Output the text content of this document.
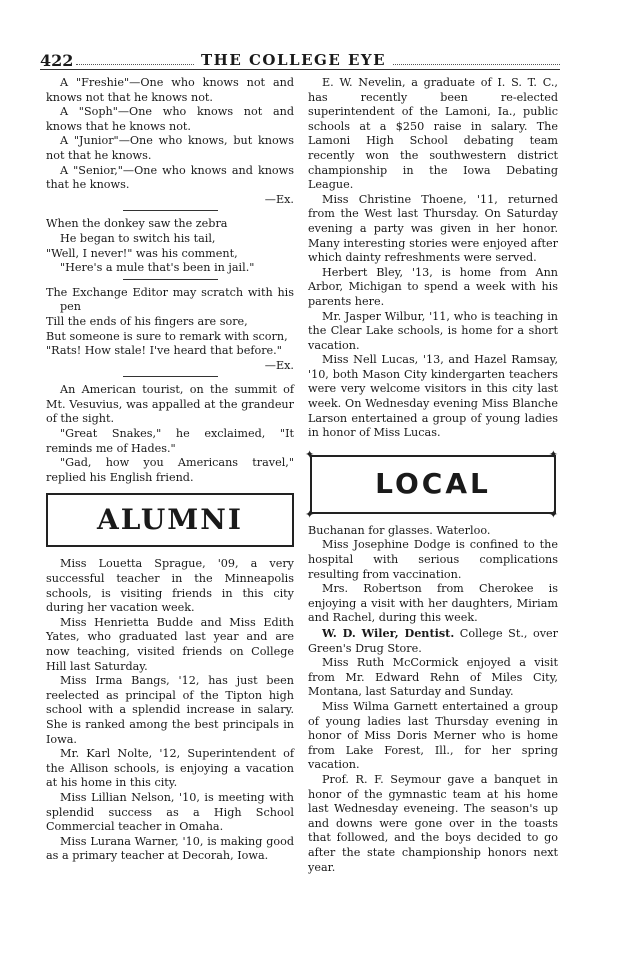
422	THE COLLEGE EYE

A "Freshie"—One who knows not and knows not that he knows not.

A "Soph"—One who knows not and knows that he knows not.

A "Junior"—One who knows, but knows not that he knows.

A "Senior,"—One who knows and knows that he knows.

—Ex.

When the donkey saw the zebra

He began to switch his tail,

"Well, I never!" was his comment,

"Here's a mule that's been in jail."

The Exchange Editor may scratch with his pen

Till the ends of his fingers are sore,

But someone is sure to remark with scorn,

"Rats! How stale! I've heard that before."

—Ex.

An American tourist, on the summit of Mt. Vesuvius, was appalled at the grandeur of the sight.

"Great Snakes," he exclaimed, "It reminds me of Hades."

"Gad, how you Americans travel," replied his English friend.

ALUMNI

Miss Louetta Sprague, '09, a very successful teacher in the Minneapolis schools, is visiting friends in this city during her vacation week.

Miss Henrietta Budde and Miss Edith Yates, who graduated last year and are now teaching, visited friends on College Hill last Saturday.

Miss Irma Bangs, '12, has just been reelected as principal of the Tipton high school with a splendid increase in salary. She is ranked among the best principals in Iowa.

Mr. Karl Nolte, '12, Superintendent of the Allison schools, is enjoying a vacation at his home in this city.

Miss Lillian Nelson, '10, is meeting with splendid success as a High School Commercial teacher in Omaha.

Miss Lurana Warner, '10, is making good as a primary teacher at Decorah, Iowa.

E. W. Nevelin, a graduate of I. S. T. C., has recently been re-elected superintendent of the Lamoni, Ia., public schools at a $250 raise in salary. The Lamoni High School debating team recently won the southwestern district championship in the Iowa Debating League.

Miss Christine Thoene, '11, returned from the West last Thursday. On Saturday evening a party was given in her honor. Many interesting stories were enjoyed after which dainty refreshments were served.

Herbert Bley, '13, is home from Ann Arbor, Michigan to spend a week with his parents here.

Mr. Jasper Wilbur, '11, who is teaching in the Clear Lake schools, is home for a short vacation.

Miss Nell Lucas, '13, and Hazel Ramsay, '10, both Mason City kindergarten teachers were very welcome visitors in this city last week. On Wednesday evening Miss Blanche Larson entertained a group of young ladies in honor of Miss Lucas.

✦	✦
✦	✦
LOCAL

Buchanan for glasses. Waterloo.

Miss Josephine Dodge is confined to the hospital with serious complications resulting from vaccination.

Mrs. Robertson from Cherokee is enjoying a visit with her daughters, Miriam and Rachel, during this week.

W. D. Wiler, Dentist. College St., over Green's Drug Store.

Miss Ruth McCormick enjoyed a visit from Mr. Edward Rehn of Miles City, Montana, last Saturday and Sunday.

Miss Wilma Garnett entertained a group of young ladies last Thursday evening in honor of Miss Doris Merner who is home from Lake Forest, Ill., for her spring vacation.

Prof. R. F. Seymour gave a banquet in honor of the gymnastic team at his home last Wednesday eveneing. The season's up and downs were gone over in the toasts that followed, and the boys decided to go after the state championship honors next year.
